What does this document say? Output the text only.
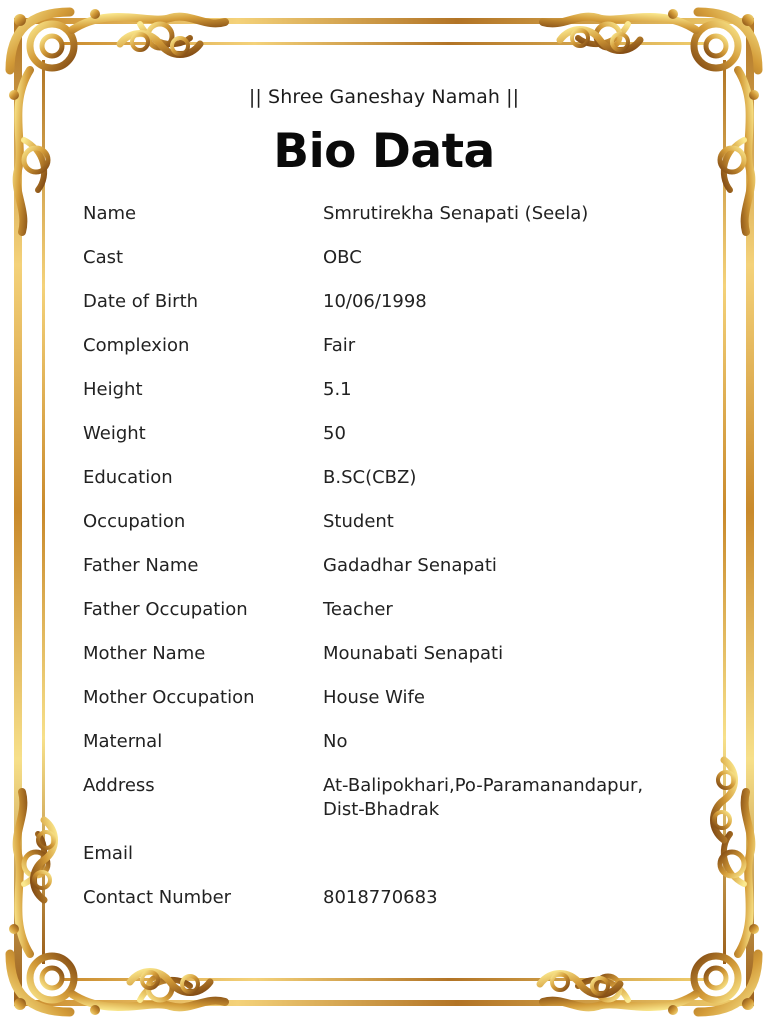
|| Shree Ganeshay Namah ||
Bio Data
Name	Smrutirekha Senapati (Seela)
Cast	OBC
Date of Birth	10/06/1998
Complexion	Fair
Height	5.1
Weight	50
Education	B.SC(CBZ)
Occupation	Student
Father Name	Gadadhar Senapati
Father Occupation	Teacher
Mother Name	Mounabati Senapati
Mother Occupation	House Wife
Maternal	No
Address	At-Balipokhari,Po-Paramanandapur,
Dist-Bhadrak
Email
Contact Number	8018770683
